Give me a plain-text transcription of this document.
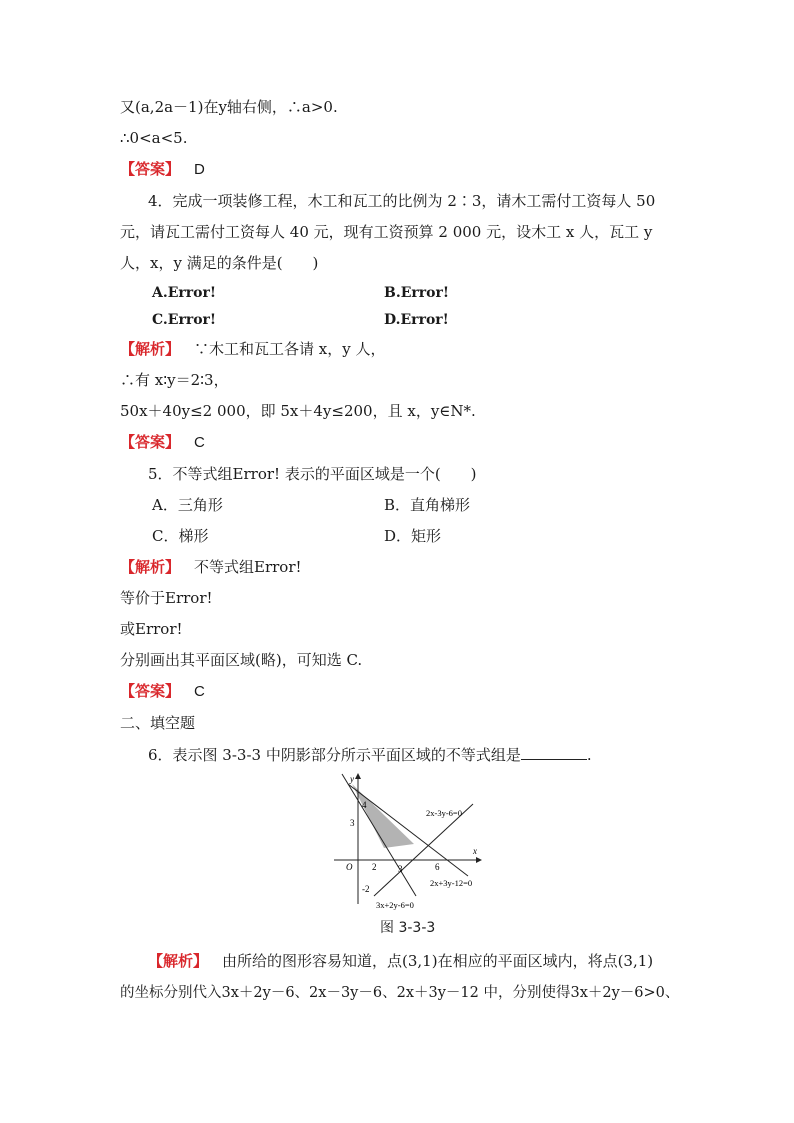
又(a,2a－1)在y轴右侧，∴a>0.
∴0<a<5.
【答案】 D
4．完成一项装修工程，木工和瓦工的比例为 2∶3，请木工需付工资每人 50
元，请瓦工需付工资每人 40 元，现有工资预算 2 000 元，设木工 x 人，瓦工 y
人，x，y 满足的条件是(　　)
A.Error!	B.Error!
C.Error!	D.Error!
【解析】 ∵木工和瓦工各请 x，y 人，
∴有 x∶y＝2∶3，
50x＋40y≤2 000，即 5x＋4y≤200，且 x，y∈N*.
【答案】 C
5．不等式组Error! 表示的平面区域是一个(　　)
A．三角形	B．直角梯形
C．梯形	D．矩形
【解析】 不等式组Error!
等价于Error!
或Error!
分别画出其平面区域(略)，可知选 C.
【答案】 C
二、填空题
6．表示图 3-3-3 中阴影部分所示平面区域的不等式组是	.
y
x
O
4
3
2 3	6
-2
2x-3y-6=0
2x+3y-12=0
3x+2y-6=0
图 3-3-3
【解析】 由所给的图形容易知道，点(3,1)在相应的平面区域内，将点(3,1)
的坐标分别代入3x＋2y－6、2x－3y－6、2x＋3y－12 中，分别使得3x＋2y－6>0、
